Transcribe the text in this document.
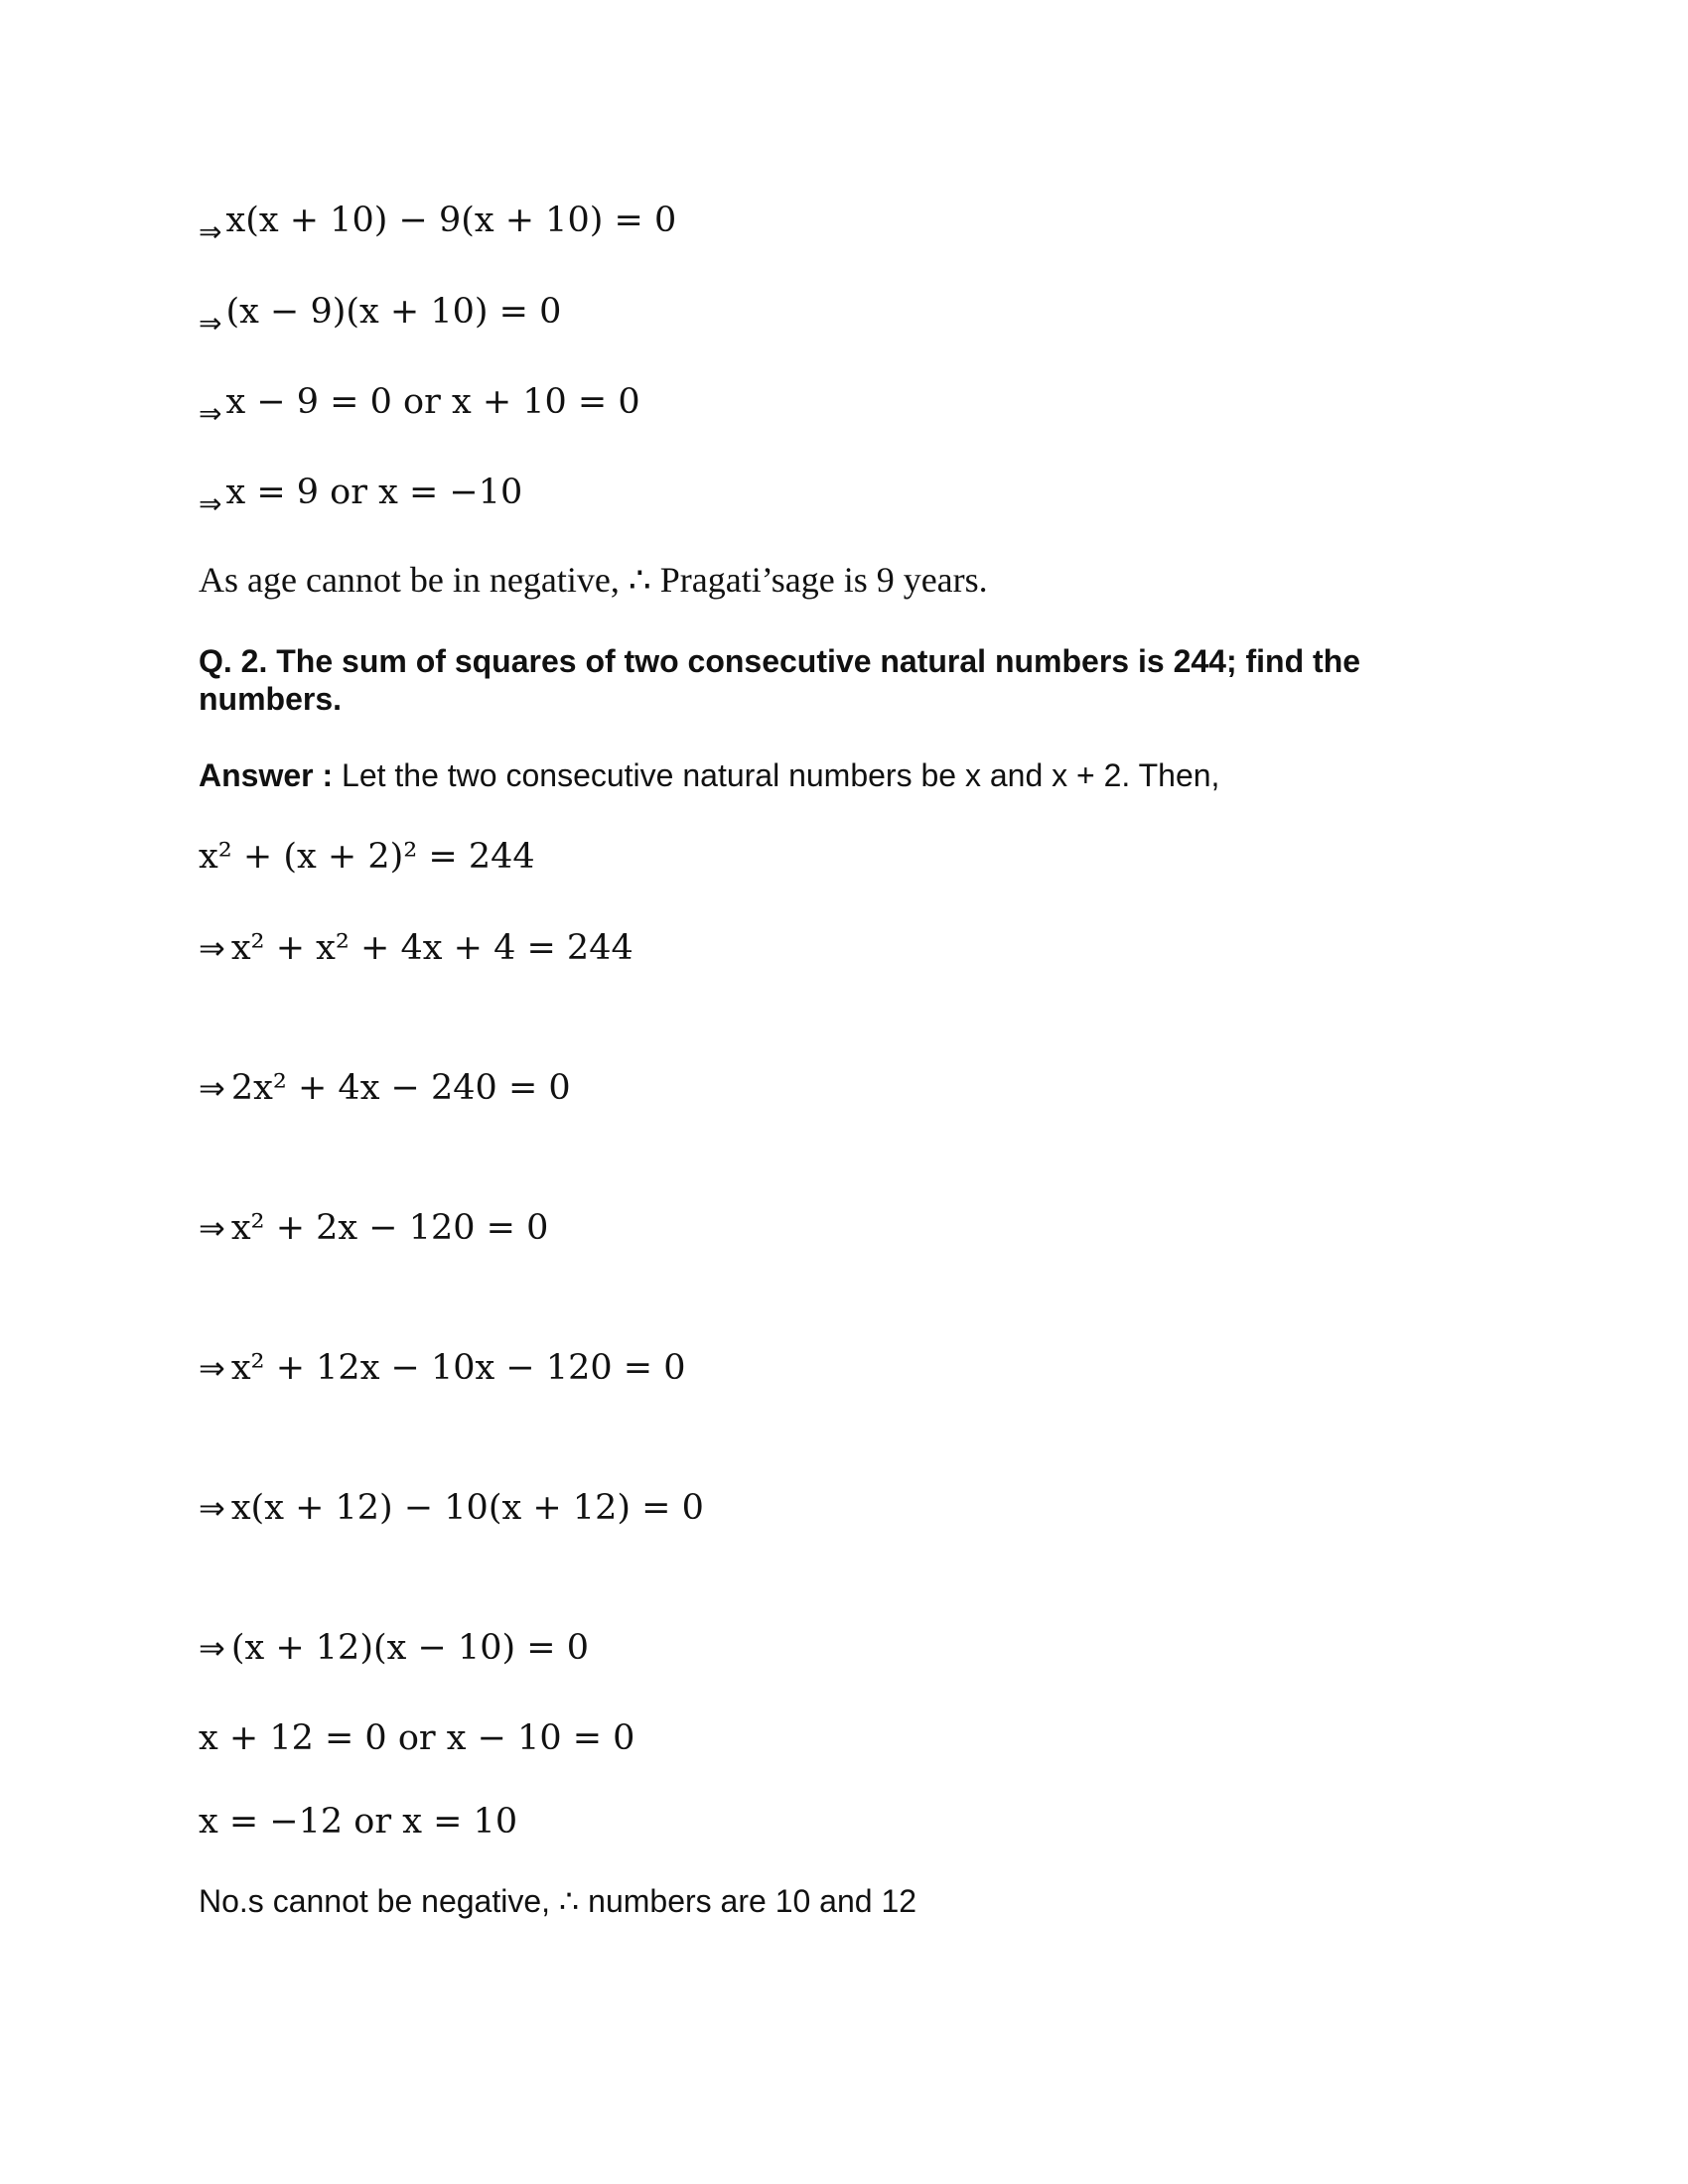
$_\Rightarrow$ x(x + 10) − 9(x + 10) = 0
$_\Rightarrow$ (x − 9)(x + 10) = 0
$_\Rightarrow$ x − 9 = 0 or x + 10 = 0
$_\Rightarrow$ x = 9 or x = −10
As age cannot be in negative, ∴ Pragati’sage is 9 years.
Q. 2. The sum of squares of two consecutive natural numbers is 244; find the numbers.
Answer : Let the two consecutive natural numbers be x and x + 2. Then,
x² + (x + 2)² = 244
⇒ x² + x² + 4x + 4 = 244
⇒ 2x² + 4x − 240 = 0
⇒ x² + 2x − 120 = 0
⇒ x² + 12x − 10x − 120 = 0
⇒ x(x + 12) − 10(x + 12) = 0
⇒ (x + 12)(x − 10) = 0
x + 12 = 0 or x − 10 = 0
x = −12 or x = 10
No.s cannot be negative, ∴ numbers are 10 and 12
